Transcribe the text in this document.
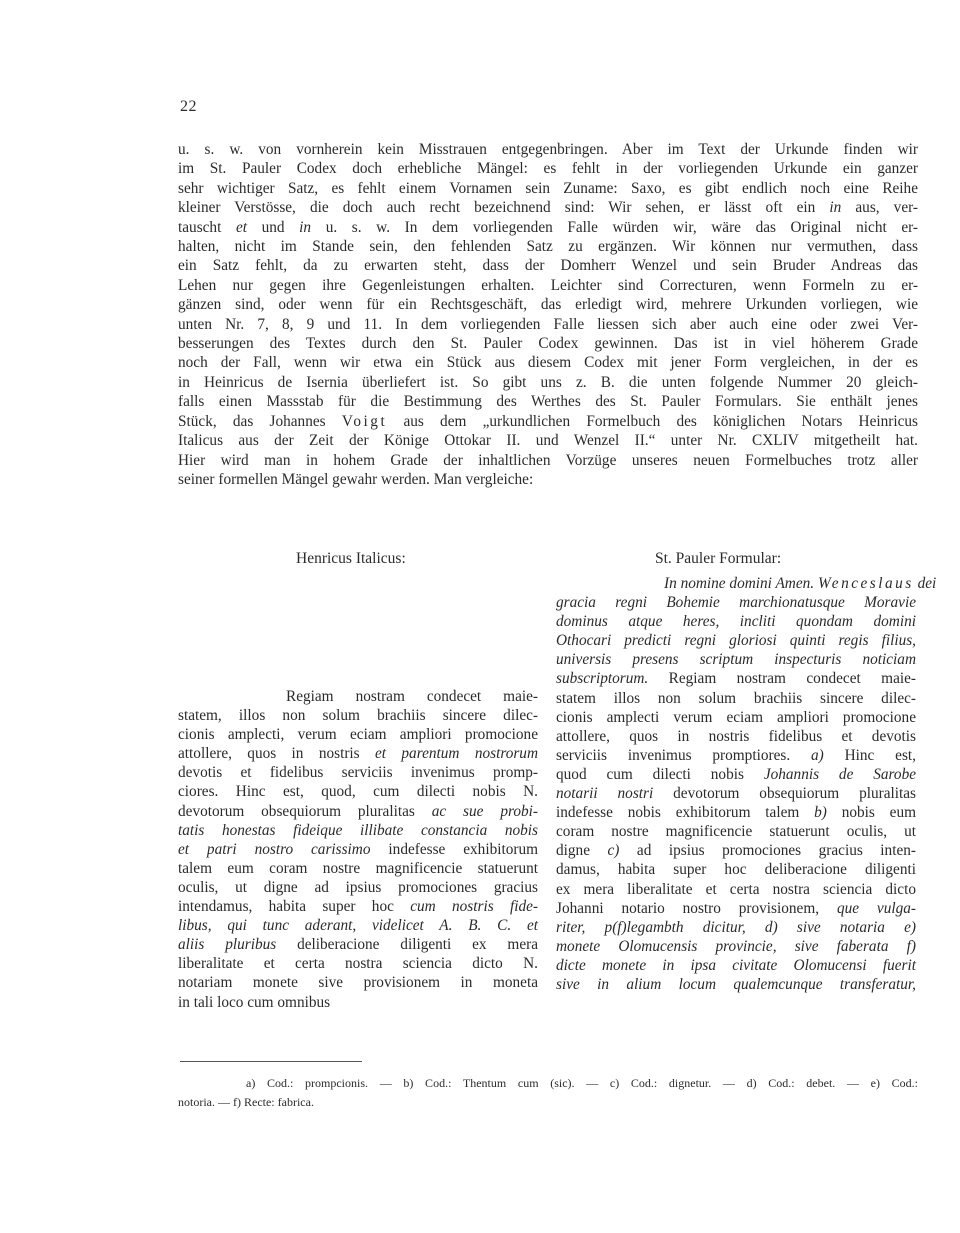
22
u. s. w. von vornherein kein Misstrauen entgegenbringen. Aber im Text der Urkunde finden wir
im St. Pauler Codex doch erhebliche Mängel: es fehlt in der vorliegenden Urkunde ein ganzer
sehr wichtiger Satz, es fehlt einem Vornamen sein Zuname: Saxo, es gibt endlich noch eine Reihe
kleiner Verstösse, die doch auch recht bezeichnend sind: Wir sehen, er lässt oft ein in aus, ver-
tauscht et und in u. s. w. In dem vorliegenden Falle würden wir, wäre das Original nicht er-
halten, nicht im Stande sein, den fehlenden Satz zu ergänzen. Wir können nur vermuthen, dass
ein Satz fehlt, da zu erwarten steht, dass der Domherr Wenzel und sein Bruder Andreas das
Lehen nur gegen ihre Gegenleistungen erhalten. Leichter sind Correcturen, wenn Formeln zu er-
gänzen sind, oder wenn für ein Rechtsgeschäft, das erledigt wird, mehrere Urkunden vorliegen, wie
unten Nr. 7, 8, 9 und 11. In dem vorliegenden Falle liessen sich aber auch eine oder zwei Ver-
besserungen des Textes durch den St. Pauler Codex gewinnen. Das ist in viel höherem Grade
noch der Fall, wenn wir etwa ein Stück aus diesem Codex mit jener Form vergleichen, in der es
in Heinricus de Isernia überliefert ist. So gibt uns z. B. die unten folgende Nummer 20 gleich-
falls einen Massstab für die Bestimmung des Werthes des St. Pauler Formulars. Sie enthält jenes
Stück, das Johannes Voigt aus dem „urkundlichen Formelbuch des königlichen Notars Heinricus
Italicus aus der Zeit der Könige Ottokar II. und Wenzel II.“ unter Nr. CXLIV mitgetheilt hat.
Hier wird man in hohem Grade der inhaltlichen Vorzüge unseres neuen Formelbuches trotz aller
seiner formellen Mängel gewahr werden. Man vergleiche:
Henricus Italicus:	St. Pauler Formular:
Regiam nostram condecet maie-
statem, illos non solum brachiis sincere dilec-
cionis amplecti, verum eciam ampliori promocione
attollere, quos in nostris et parentum nostrorum
devotis et fidelibus serviciis invenimus promp-
ciores. Hinc est, quod, cum dilecti nobis N.
devotorum obsequiorum pluralitas ac sue probi-
tatis honestas fideique illibate constancia nobis
et patri nostro carissimo indefesse exhibitorum
talem eum coram nostre magnificencie statuerunt
oculis, ut digne ad ipsius promociones gracius
intendamus, habita super hoc cum nostris fide-
libus, qui tunc aderant, videlicet A. B. C. et
aliis pluribus deliberacione diligenti ex mera
liberalitate et certa nostra sciencia dicto N.
notariam monete sive provisionem in moneta
in tali loco cum omnibus
In nomine domini Amen. Wenceslaus dei
gracia regni Bohemie marchionatusque Moravie
dominus atque heres, incliti quondam domini
Othocari predicti regni gloriosi quinti regis filius,
universis presens scriptum inspecturis noticiam
subscriptorum. Regiam nostram condecet maie-
statem illos non solum brachiis sincere dilec-
cionis amplecti verum eciam ampliori promocione
attollere, quos in nostris fidelibus et devotis
serviciis invenimus promptiores. a) Hinc est,
quod cum dilecti nobis Johannis de Sarobe
notarii nostri devotorum obsequiorum pluralitas
indefesse nobis exhibitorum talem b) nobis eum
coram nostre magnificencie statuerunt oculis, ut
digne c) ad ipsius promociones gracius inten-
damus, habita super hoc deliberacione diligenti
ex mera liberalitate et certa nostra sciencia dicto
Johanni notario nostro provisionem, que vulga-
riter, p(f)legambth dicitur, d) sive notaria e)
monete Olomucensis provincie, sive faberata f)
dicte monete in ipsa civitate Olomucensi fuerit
sive in alium locum qualemcunque transferatur,
a) Cod.: prompcionis. — b) Cod.: Thentum cum (sic). — c) Cod.: dignetur. — d) Cod.: debet. — e) Cod.:
notoria. — f) Recte: fabrica.
